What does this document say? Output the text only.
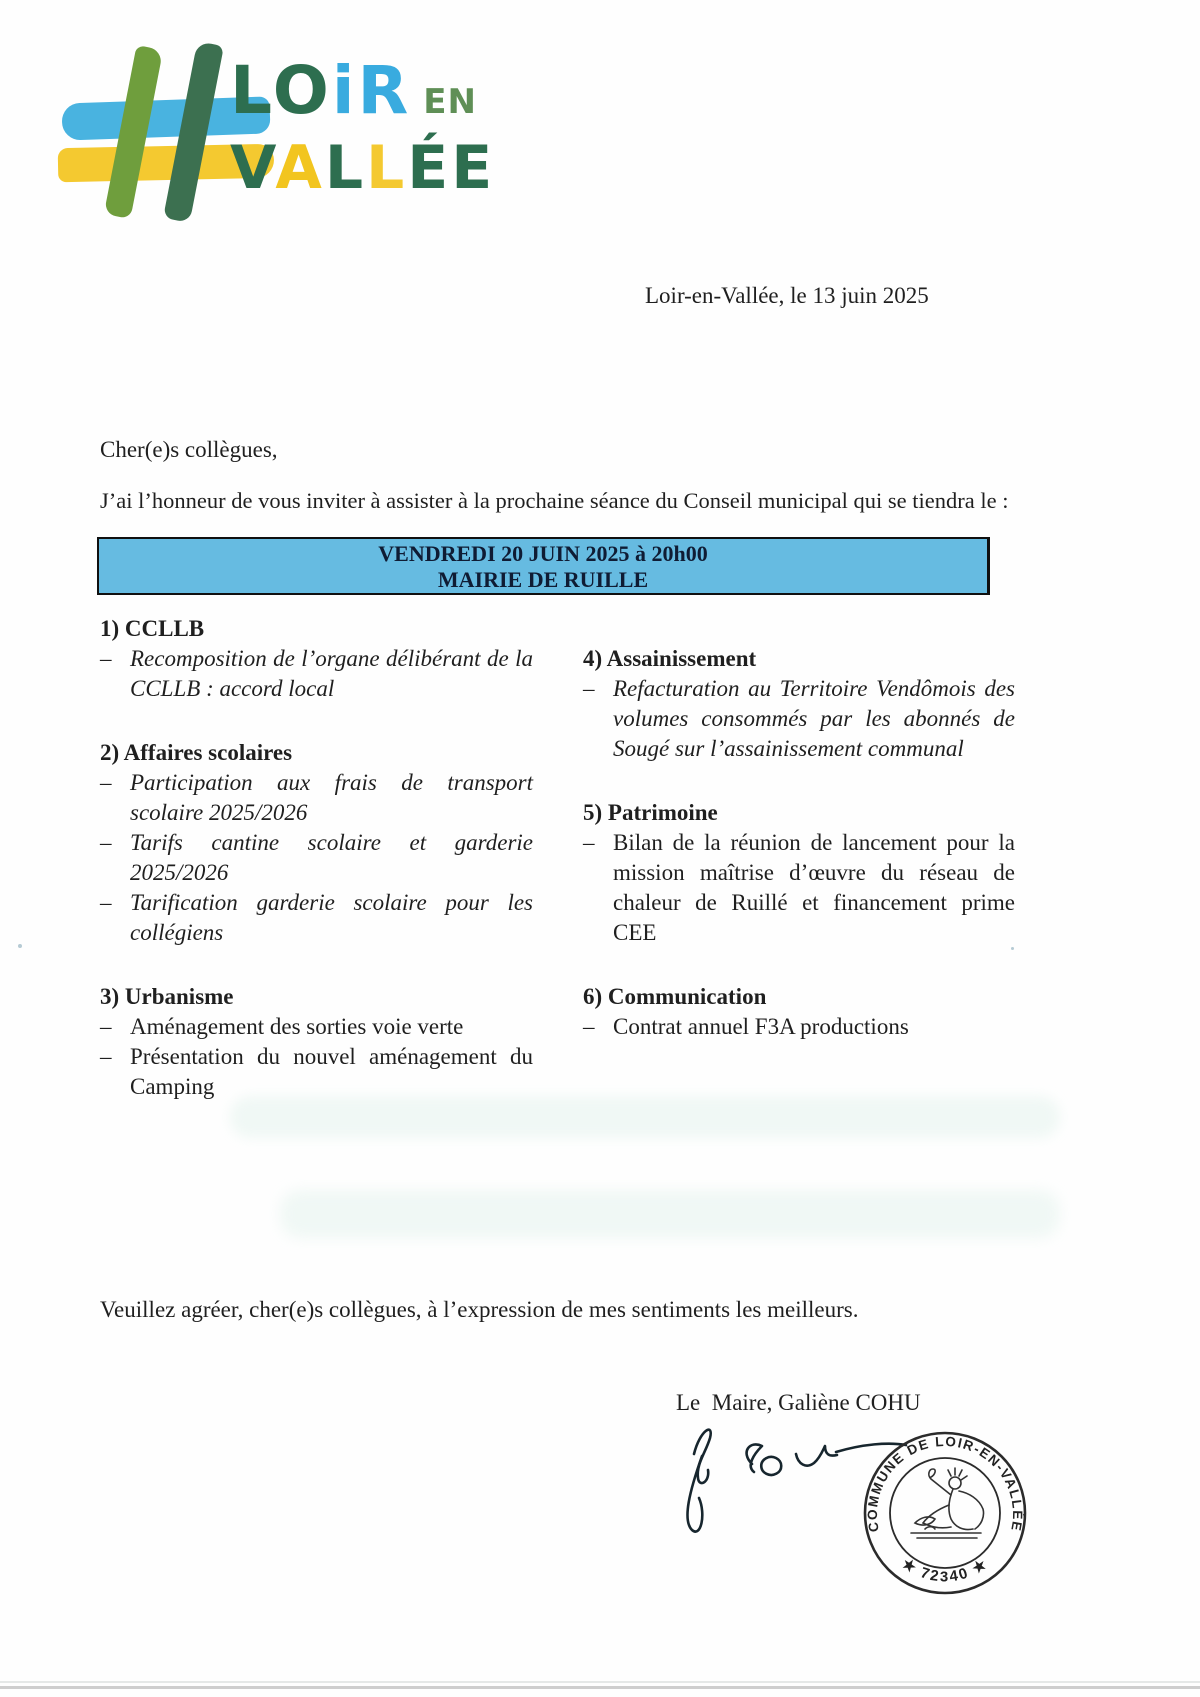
LOiR EN
VALLÉE
Loir-en-Vallée, le 13 juin 2025
Cher(e)s collègues,
J’ai l’honneur de vous inviter à assister à la prochaine séance du Conseil municipal qui se tiendra le :
VENDREDI 20 JUIN 2025 à 20h00
MAIRIE DE RUILLE
1) CCLLB
– Recomposition de l’organe délibérant de la CCLLB : accord local
2) Affaires scolaires
– Participation aux frais de transport scolaire 2025/2026
– Tarifs cantine scolaire et garderie 2025/2026
– Tarification garderie scolaire pour les collégiens
3) Urbanisme
– Aménagement des sorties voie verte
– Présentation du nouvel aménagement du Camping
4) Assainissement
– Refacturation au Territoire Vendômois des volumes consommés par les abonnés de Sougé sur l’assainissement communal
5) Patrimoine
– Bilan de la réunion de lancement pour la mission maîtrise d’œuvre du réseau de chaleur de Ruillé et financement prime CEE
6) Communication
– Contrat annuel F3A productions
Veuillez agréer, cher(e)s collègues, à l’expression de mes sentiments les meilleurs.
Le  Maire, Galiène COHU
COMMUNE DE LOIR-EN-VALLÉE
★ 72340 ★
